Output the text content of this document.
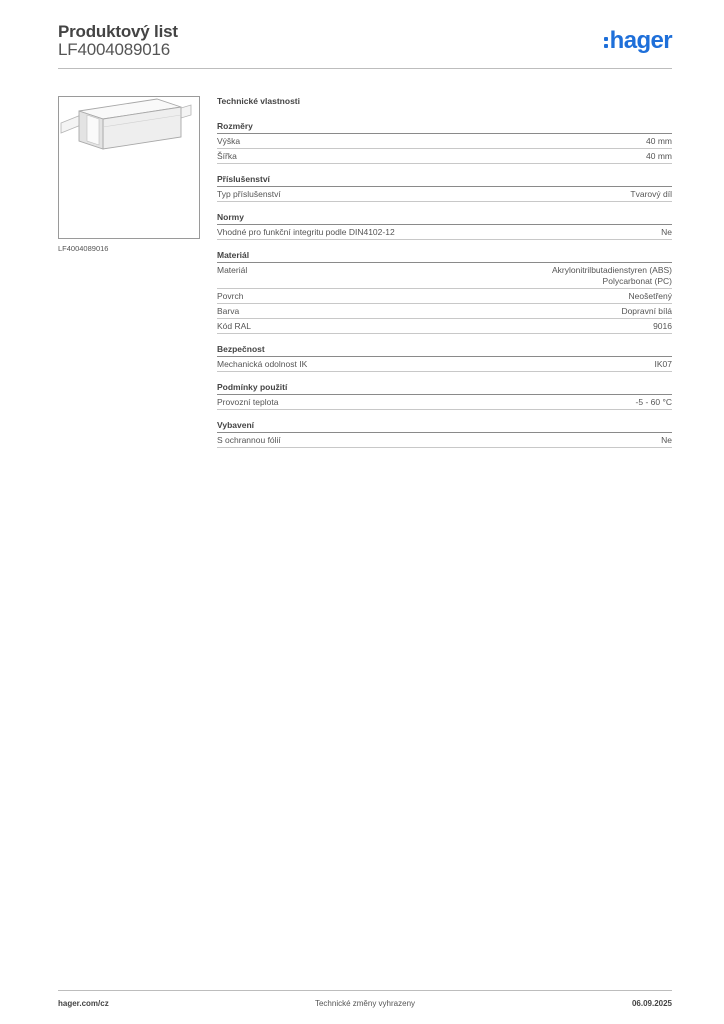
Produktový list
LF4004089016	hager
LF4004089016
Technické vlastnosti
Rozměry
Výška	40 mm
Šířka	40 mm
Příslušenství
Typ příslušenství	Tvarový díl
Normy
Vhodné pro funkční integritu podle DIN4102-12	Ne
Materiál
Materiál	Akrylonitrilbutadienstyren (ABS)
Polycarbonat (PC)
Povrch	Neošetřený
Barva	Dopravní bílá
Kód RAL	9016
Bezpečnost
Mechanická odolnost IK	IK07
Podmínky použití
Provozní teplota	-5 - 60 °C
Vybavení
S ochrannou fólií	Ne
hager.com/cz	Technické změny vyhrazeny	06.09.2025
